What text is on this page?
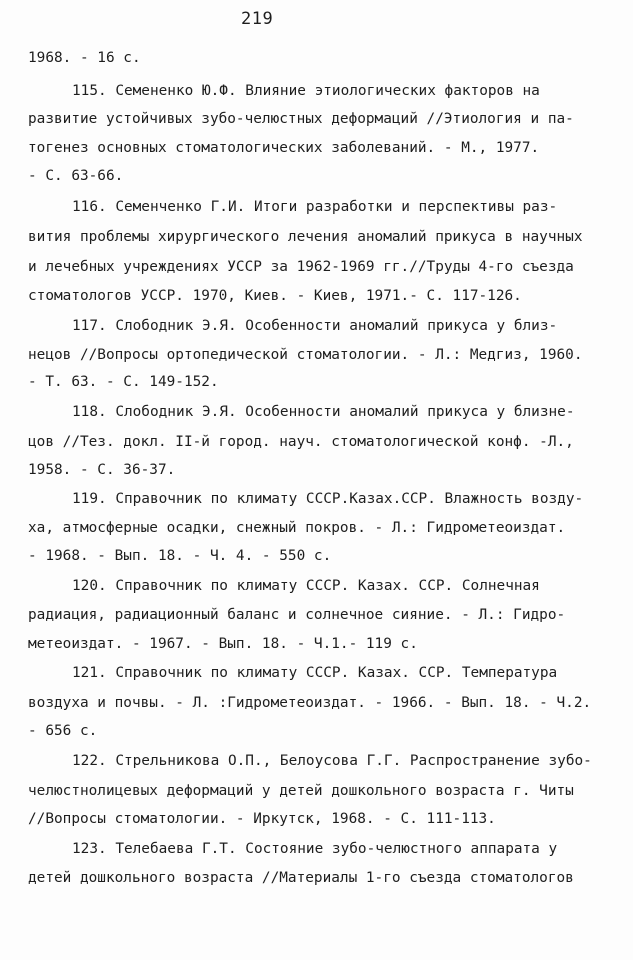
219
1968. - 16 с.
115. Семененко Ю.Ф. Влияние этиологических факторов на
развитие устойчивых зубо-челюстных деформаций //Этиология и па-
тогенез основных стоматологических заболеваний. - М., 1977.
- С. 63-66.
116. Семенченко Г.И. Итоги разработки и перспективы раз-
вития проблемы хирургического лечения аномалий прикуса в научных
и лечебных учреждениях УССР за 1962-1969 гг.//Труды 4-го съезда
стоматологов УССР. 1970, Киев. - Киев, 1971.- С. 117-126.
117. Слободник Э.Я. Особенности аномалий прикуса у близ-
нецов //Вопросы ортопедической стоматологии. - Л.: Медгиз, 1960.
- Т. 63. - С. 149-152.
118. Слободник Э.Я. Особенности аномалий прикуса у близне-
цов //Тез. докл. II-й город. науч. стоматологической конф. -Л.,
1958. - С. 36-37.
119. Справочник по климату СССР.Казах.ССР. Влажность возду-
ха, атмосферные осадки, снежный покров. - Л.: Гидрометеоиздат.
- 1968. - Вып. 18. - Ч. 4. - 550 с.
120. Справочник по климату СССР. Казах. ССР. Солнечная
радиация, радиационный баланс и солнечное сияние. - Л.: Гидро-
метеоиздат. - 1967. - Вып. 18. - Ч.1.- 119 с.
121. Справочник по климату СССР. Казах. ССР. Температура
воздуха и почвы. - Л. :Гидрометеоиздат. - 1966. - Вып. 18. - Ч.2.
- 656 с.
122. Стрельникова О.П., Белоусова Г.Г. Распространение зубо-
челюстнолицевых деформаций у детей дошкольного возраста г. Читы
//Вопросы стоматологии. - Иркутск, 1968. - С. 111-113.
123. Телебаева Г.Т. Состояние зубо-челюстного аппарата у
детей дошкольного возраста //Материалы 1-го съезда стоматологов
